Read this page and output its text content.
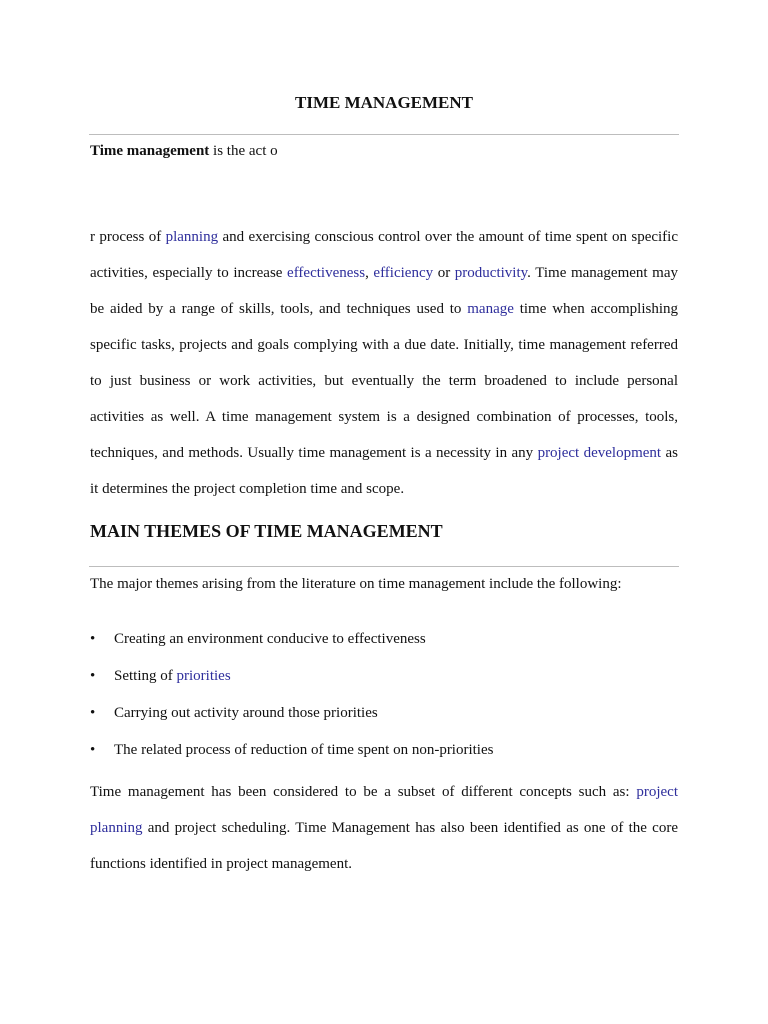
TIME MANAGEMENT
Time management is the act o
r process of planning and exercising conscious control over the amount of time spent on specific activities, especially to increase effectiveness, efficiency or productivity. Time management may be aided by a range of skills, tools, and techniques used to manage time when accomplishing specific tasks, projects and goals complying with a due date. Initially, time management referred to just business or work activities, but eventually the term broadened to include personal activities as well. A time management system is a designed combination of processes, tools, techniques, and methods. Usually time management is a necessity in any project development as it determines the project completion time and scope.
MAIN THEMES OF TIME MANAGEMENT
The major themes arising from the literature on time management include the following:
• Creating an environment conducive to effectiveness
• Setting of priorities
• Carrying out activity around those priorities
• The related process of reduction of time spent on non-priorities
Time management has been considered to be a subset of different concepts such as: project planning and project scheduling. Time Management has also been identified as one of the core functions identified in project management.
